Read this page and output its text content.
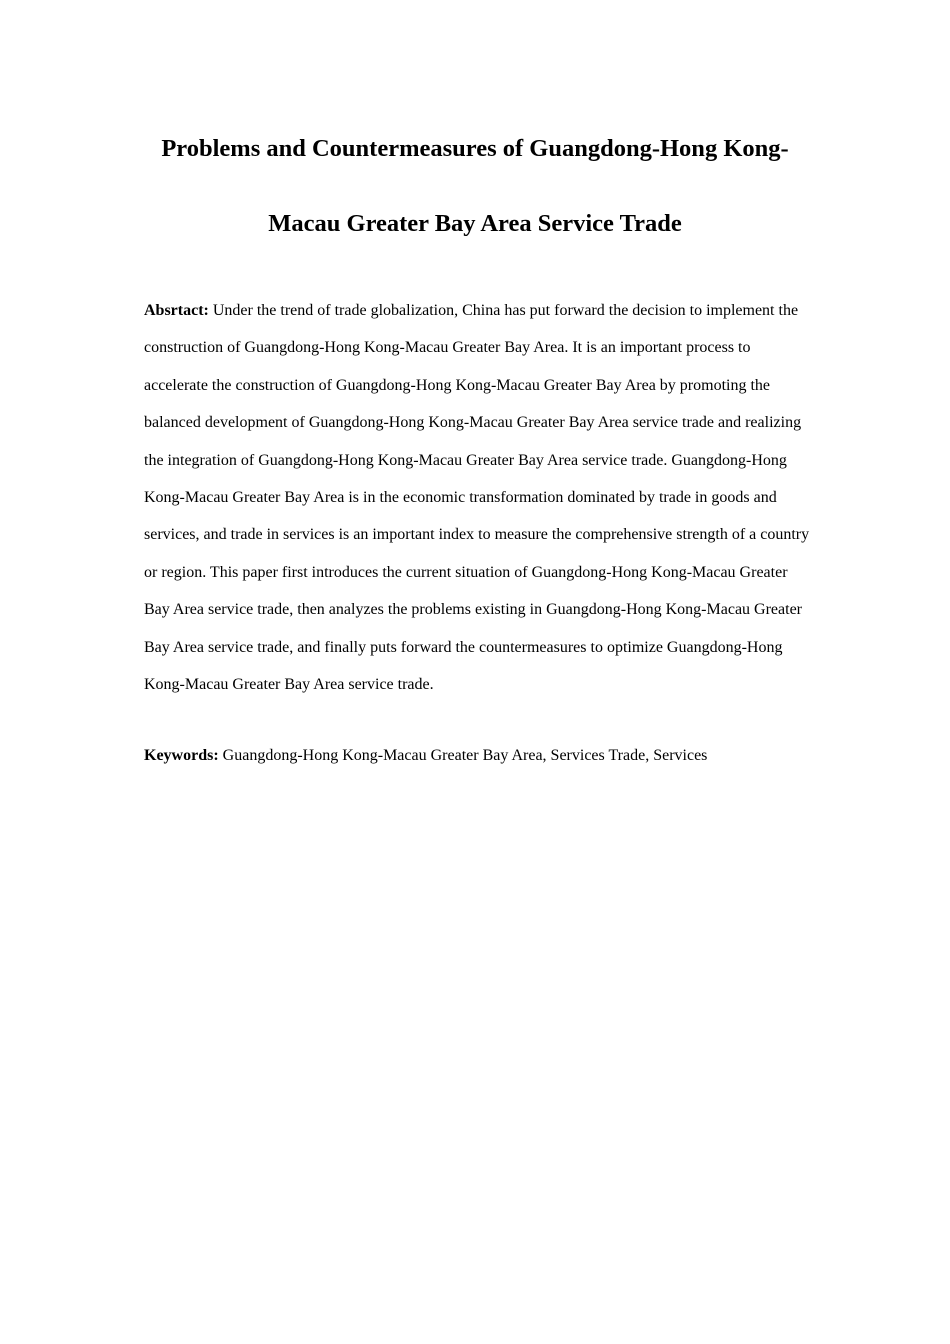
Problems and Countermeasures of Guangdong-Hong Kong-
Macau Greater Bay Area Service Trade

Absrtact: Under the trend of trade globalization, China has put forward the decision to implement the construction of Guangdong-Hong Kong-Macau Greater Bay Area. It is an important process to accelerate the construction of Guangdong-Hong Kong-Macau Greater Bay Area by promoting the balanced development of Guangdong-Hong Kong-Macau Greater Bay Area service trade and realizing the integration of Guangdong-Hong Kong-Macau Greater Bay Area service trade. Guangdong-Hong Kong-Macau Greater Bay Area is in the economic transformation dominated by trade in goods and services, and trade in services is an important index to measure the comprehensive strength of a country or region. This paper first introduces the current situation of Guangdong-Hong Kong-Macau Greater Bay Area service trade, then analyzes the problems existing in Guangdong-Hong Kong-Macau Greater Bay Area service trade, and finally puts forward the countermeasures to optimize Guangdong-Hong Kong-Macau Greater Bay Area service trade.

Keywords: Guangdong-Hong Kong-Macau Greater Bay Area, Services Trade, Services
